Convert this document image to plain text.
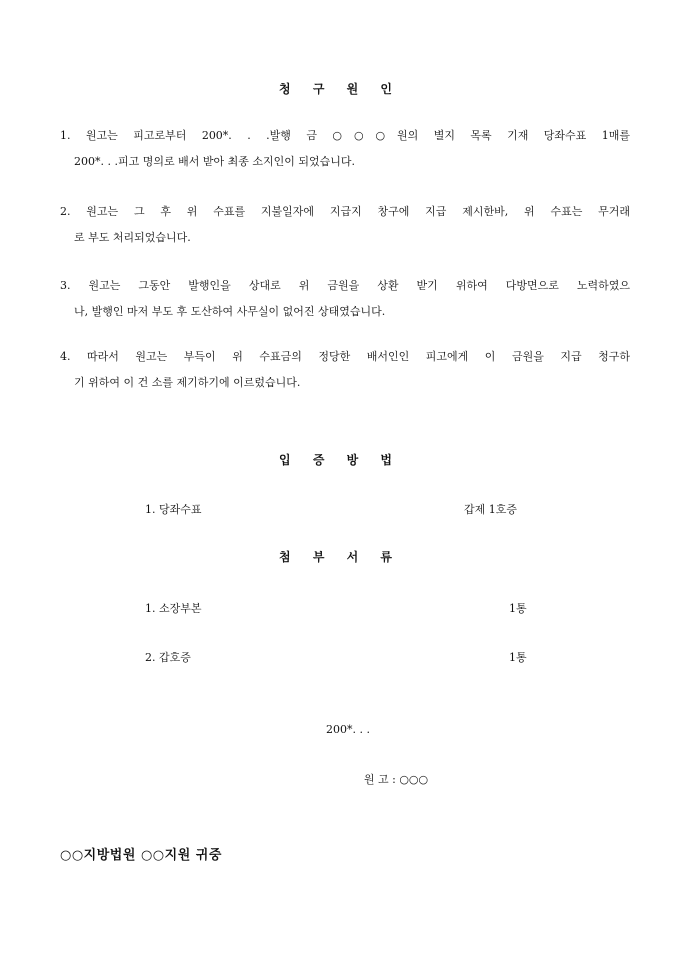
청 구 원 인
1. 원고는 피고로부터 200*. . .발행 금 ○○○원의 별지 목록 기재 당좌수표 1매를
200*. . .피고 명의로 배서 받아 최종 소지인이 되었습니다.
2. 원고는 그 후 위 수표를 지불일자에 지급지 창구에 지급 제시한바, 위 수표는 무거래
로 부도 처리되었습니다.
3. 원고는 그동안 발행인을 상대로 위 금원을 상환 받기 위하여 다방면으로 노력하였으
나, 발행인 마저 부도 후 도산하여 사무실이 없어진 상태였습니다.
4. 따라서 원고는 부득이 위 수표금의 정당한 배서인인 피고에게 이 금원을 지급 청구하
기 위하여 이 건 소를 제기하기에 이르렀습니다.
입 증 방 법
1. 당좌수표	갑제 1호증
첨 부 서 류
1. 소장부본	1통
2. 갑호증	1통
200*. . .
원 고 : ○○○
○○지방법원 ○○지원 귀중
